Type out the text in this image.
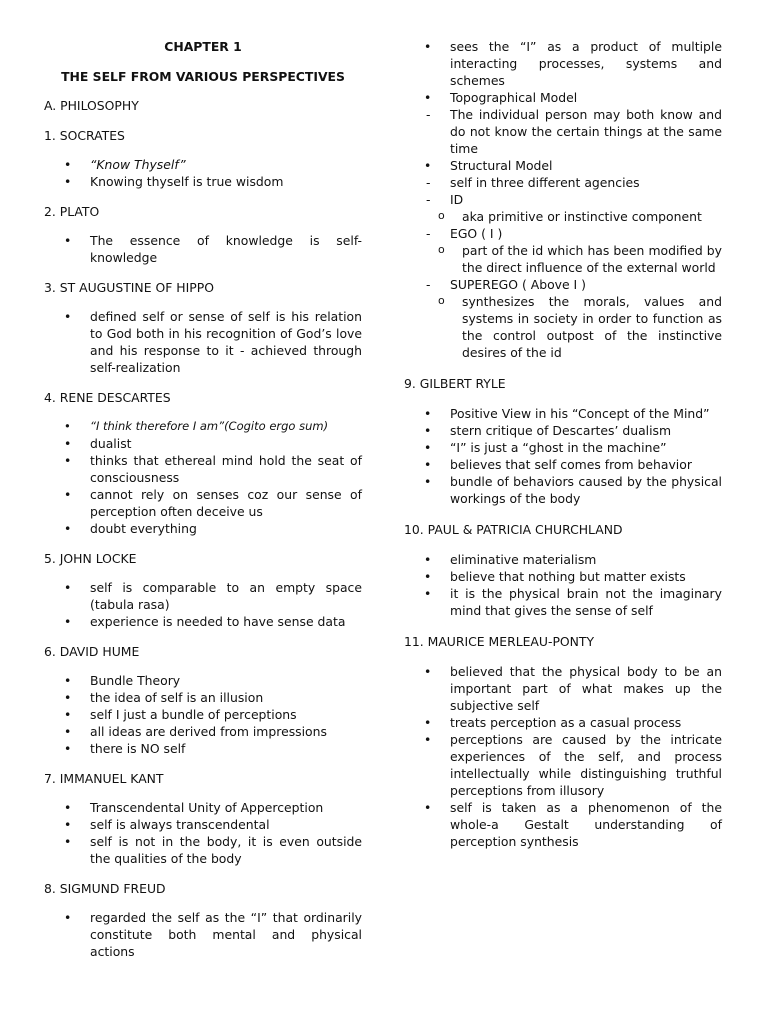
CHAPTER 1

THE SELF FROM VARIOUS PERSPECTIVES

A. PHILOSOPHY

1. SOCRATES

• “Know Thyself”
• Knowing thyself is true wisdom

2. PLATO

• The essence of knowledge is self-knowledge

3. ST AUGUSTINE OF HIPPO

• defined self or sense of self is his relation to God both in his recognition of God’s love and his response to it - achieved through self-realization

4. RENE DESCARTES

• “I think therefore I am”(Cogito ergo sum)
• dualist
• thinks that ethereal mind hold the seat of consciousness
• cannot rely on senses coz our sense of perception often deceive us
• doubt everything

5. JOHN LOCKE

• self is comparable to an empty space (tabula rasa)
• experience is needed to have sense data

6. DAVID HUME

• Bundle Theory
• the idea of self is an illusion
• self I just a bundle of perceptions
• all ideas are derived from impressions
• there is NO self

7. IMMANUEL KANT

• Transcendental Unity of Apperception
• self is always transcendental
• self is not in the body, it is even outside the qualities of the body

8. SIGMUND FREUD

• regarded the self as the “I” that ordinarily constitute both mental and physical actions
• sees the “I” as a product of multiple interacting processes, systems and schemes
• Topographical Model
- The individual person may both know and do not know the certain things at the same time
• Structural Model
- self in three different agencies
- ID
o aka primitive or instinctive component
- EGO ( I )
o part of the id which has been modified by the direct influence of the external world
- SUPEREGO ( Above I )
o synthesizes the morals, values and systems in society in order to function as the control outpost of the instinctive desires of the id

9. GILBERT RYLE

• Positive View in his “Concept of the Mind”
• stern critique of Descartes’ dualism
• “I” is just a “ghost in the machine”
• believes that self comes from behavior
• bundle of behaviors caused by the physical workings of the body

10. PAUL & PATRICIA CHURCHLAND

• eliminative materialism
• believe that nothing but matter exists
• it is the physical brain not the imaginary mind that gives the sense of self

11. MAURICE MERLEAU-PONTY

• believed that the physical body to be an important part of what makes up the subjective self
• treats perception as a casual process
• perceptions are caused by the intricate experiences of the self, and process intellectually while distinguishing truthful perceptions from illusory
• self is taken as a phenomenon of the whole-a Gestalt understanding of perception synthesis
